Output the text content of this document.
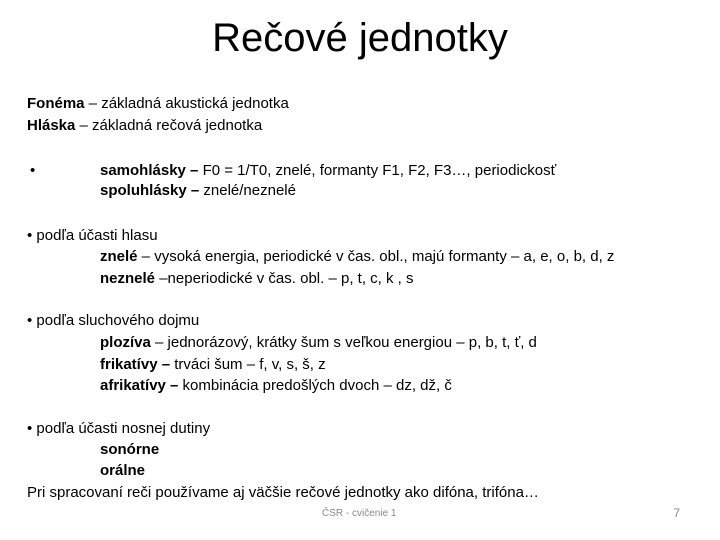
Rečové jednotky
Fonéma – základná akustická jednotka
Hláska – základná rečová jednotka
•	samohlásky – F0 = 1/T0, znelé, formanty F1, F2, F3…, periodickosť
spoluhlásky – znelé/neznelé
• podľa účasti hlasu
znelé – vysoká energia, periodické v čas. obl., majú formanty – a, e, o, b, d, z
neznelé –neperiodické v čas. obl. – p, t, c, k , s
• podľa sluchového dojmu
plozíva – jednorázový, krátky šum s veľkou energiou – p, b, t, ť, d
frikatívy – trváci šum – f, v, s, š, z
afrikatívy – kombinácia predošlých dvoch – dz, dž, č
• podľa účasti nosnej dutiny
sonórne
orálne
Pri spracovaní reči používame aj väčšie rečové jednotky ako difóna, trifóna…
ČSR - cvičenie 1	7
